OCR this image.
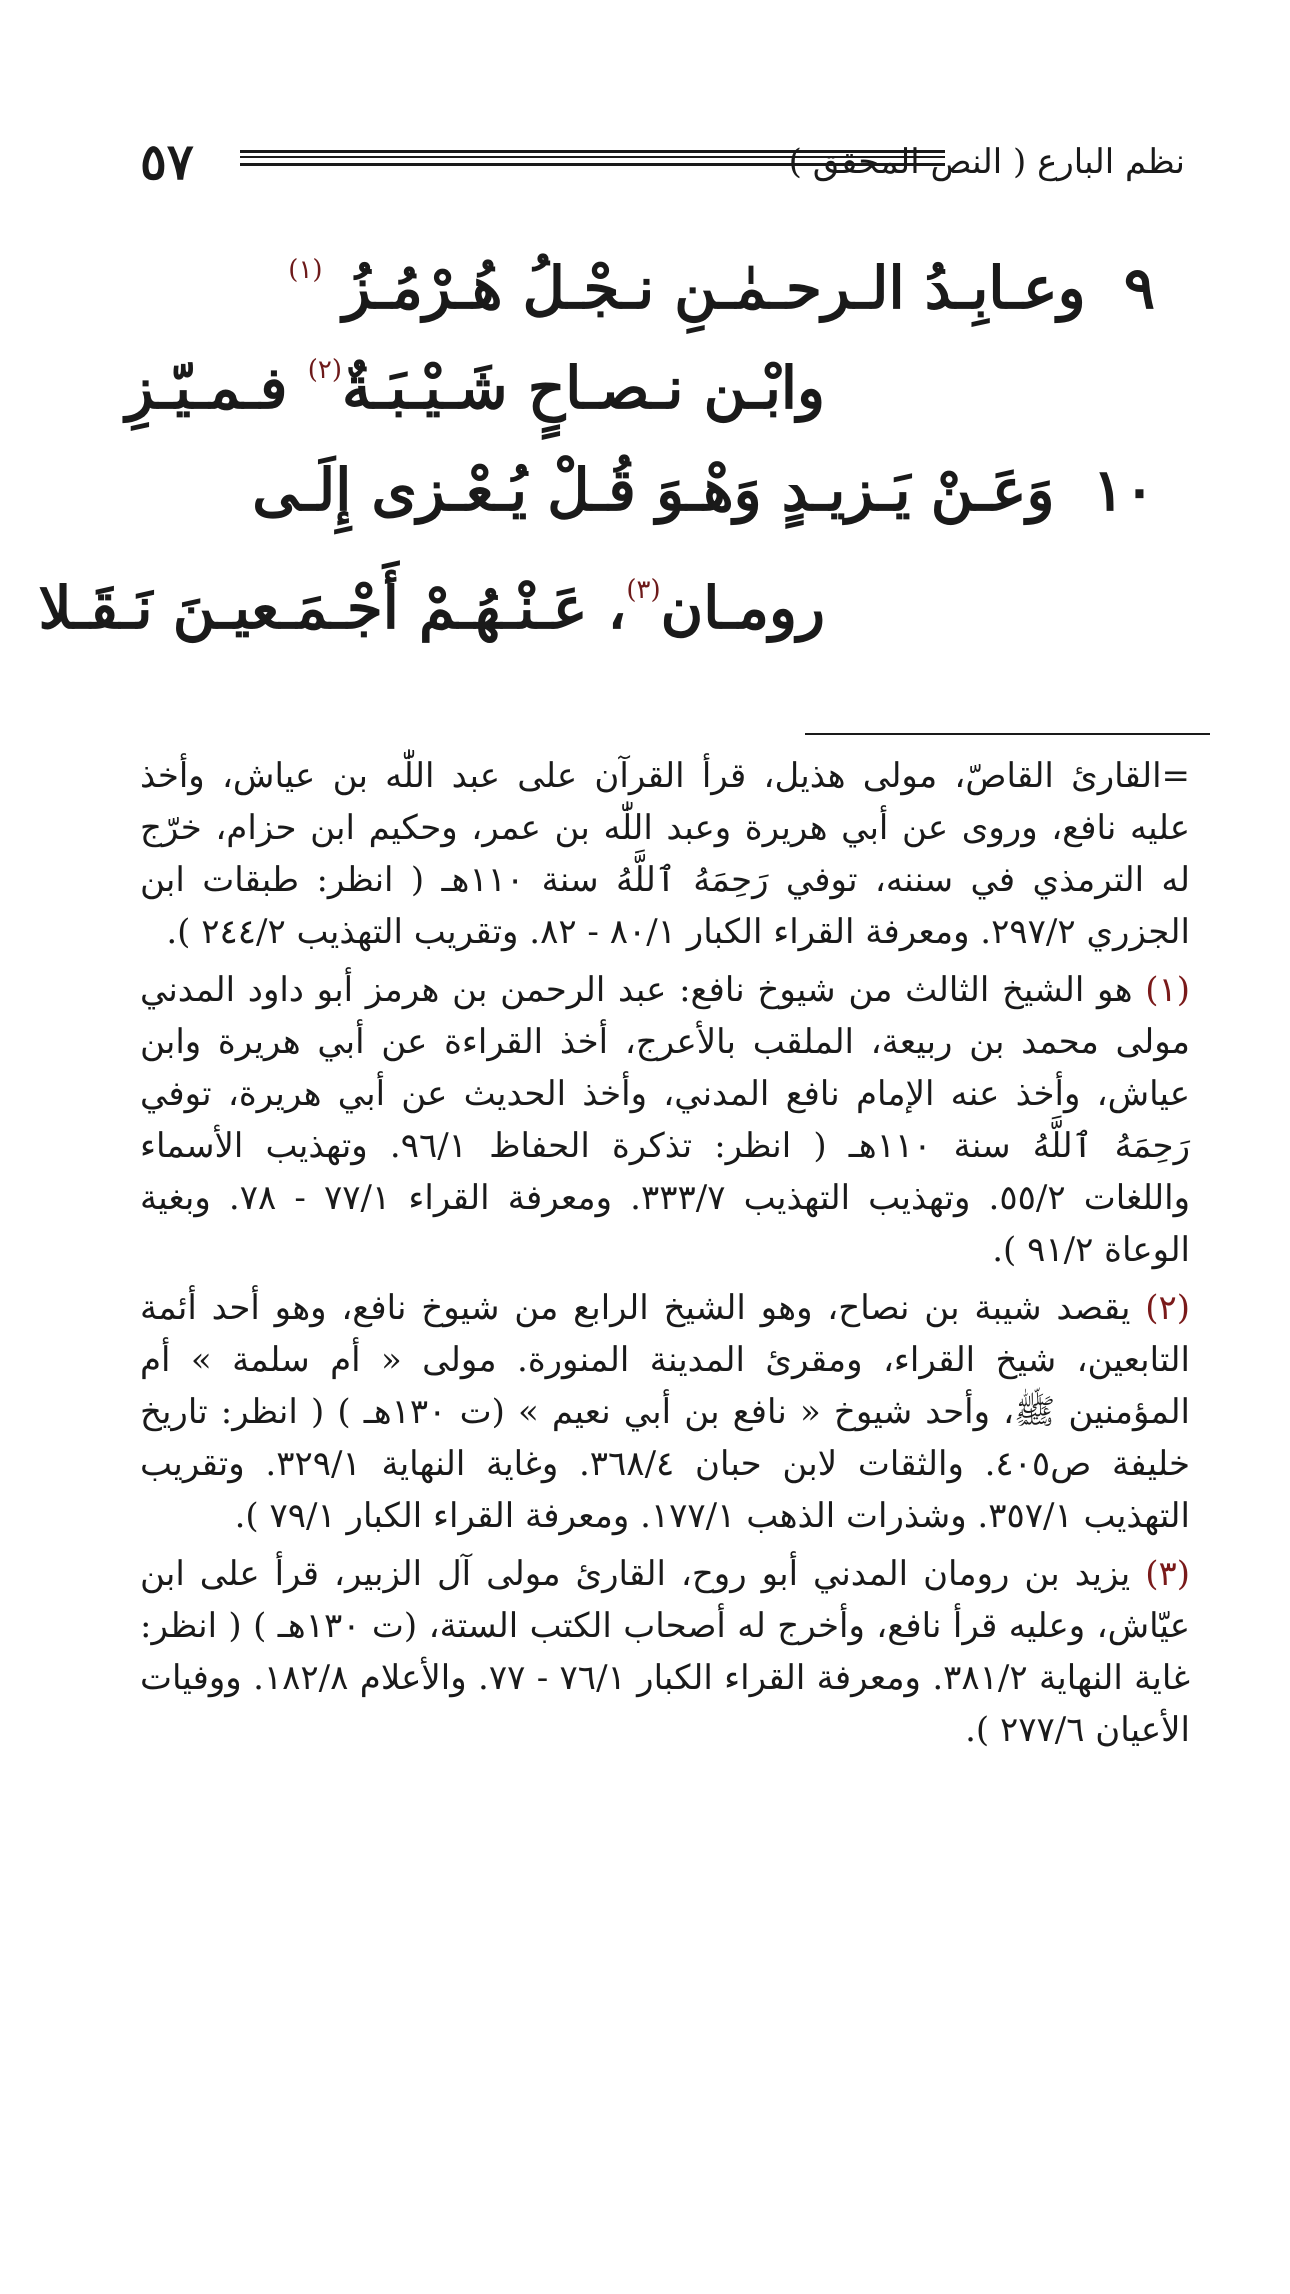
٥٧	نظم البارع ( النص المحقق )
٩ وعـابِـدُ الـرحـمٰـنِ نـجْـلُ هُـرْمُـزُ $^{(١)}$
وابْـن نـصـاحٍ شَـيْـبَـةٌ$^{(٢)}$ فـمـيّـزِ
١٠ وَعَـنْ يَـزيـدٍ وَهْـوَ قُـلْ يُـعْـزى إِلَـى
رومـان$^{(٣)}$، عَـنْـهُـمْ أَجْـمَـعيـنَ نَـقَـلا

=القارئ القاصّ، مولى هذيل، قرأ القرآن على عبد اللّٰه بن عياش، وأخذ عليه نافع، وروى عن أبي هريرة وعبد اللّٰه بن عمر، وحكيم ابن حزام، خرّج له الترمذي في سننه، توفي رَحِمَهُ ٱللَّهُ سنة ١١٠هـ ( انظر: طبقات ابن الجزري ٢٩٧/٢. ومعرفة القراء الكبار ٨٠/١ - ٨٢. وتقريب التهذيب ٢٤٤/٢ ).

(١) هو الشيخ الثالث من شيوخ نافع: عبد الرحمن بن هرمز أبو داود المدني مولى محمد بن ربيعة، الملقب بالأعرج، أخذ القراءة عن أبي هريرة وابن عياش، وأخذ عنه الإمام نافع المدني، وأخذ الحديث عن أبي هريرة، توفي رَحِمَهُ ٱللَّهُ سنة ١١٠هـ ( انظر: تذكرة الحفاظ ٩٦/١. وتهذيب الأسماء واللغات ٥٥/٢. وتهذيب التهذيب ٣٣٣/٧. ومعرفة القراء ٧٧/١ - ٧٨. وبغية الوعاة ٩١/٢ ).

(٢) يقصد شيبة بن نصاح، وهو الشيخ الرابع من شيوخ نافع، وهو أحد أئمة التابعين، شيخ القراء، ومقرئ المدينة المنورة. مولى « أم سلمة » أم المؤمنين ﷺ، وأحد شيوخ « نافع بن أبي نعيم » (ت ١٣٠هـ ) ( انظر: تاريخ خليفة ص٤٠٥. والثقات لابن حبان ٣٦٨/٤. وغاية النهاية ٣٢٩/١. وتقريب التهذيب ٣٥٧/١. وشذرات الذهب ١٧٧/١. ومعرفة القراء الكبار ٧٩/١ ).

(٣) يزيد بن رومان المدني أبو روح، القارئ مولى آل الزبير، قرأ على ابن عيّاش، وعليه قرأ نافع، وأخرج له أصحاب الكتب الستة، (ت ١٣٠هـ ) ( انظر: غاية النهاية ٣٨١/٢. ومعرفة القراء الكبار ٧٦/١ - ٧٧. والأعلام ١٨٢/٨. ووفيات الأعيان ٢٧٧/٦ ).
